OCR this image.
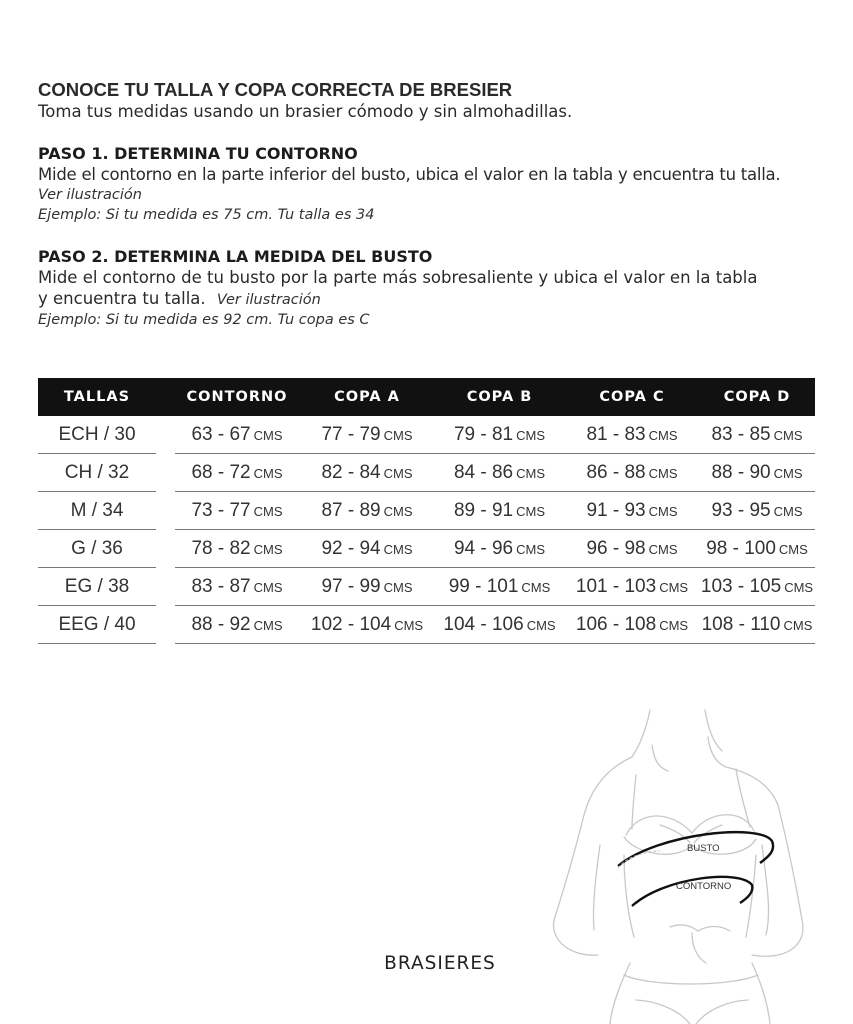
CONOCE TU TALLA Y COPA CORRECTA DE BRESIER

Toma tus medidas usando un brasier cómodo y sin almohadillas.

PASO 1. DETERMINA TU CONTORNO

Mide el contorno en la parte inferior del busto, ubica el valor en la tabla y encuentra tu talla.

Ver ilustración

Ejemplo: Si tu medida es 75 cm. Tu talla es 34

PASO 2. DETERMINA LA MEDIDA DEL BUSTO

Mide el contorno de tu busto por la parte más sobresaliente y ubica el valor en la tabla

y encuentra tu talla. Ver ilustración

Ejemplo: Si tu medida es 92 cm. Tu copa es C

TALLAS	CONTORNO	COPA A	COPA B	COPA C	COPA D
ECH / 30	63 - 67 CMS	77 - 79 CMS	79 - 81 CMS	81 - 83 CMS	83 - 85 CMS
CH / 32	68 - 72 CMS	82 - 84 CMS	84 - 86 CMS	86 - 88 CMS	88 - 90 CMS
M / 34	73 - 77 CMS	87 - 89 CMS	89 - 91 CMS	91 - 93 CMS	93 - 95 CMS
G / 36	78 - 82 CMS	92 - 94 CMS	94 - 96 CMS	96 - 98 CMS	98 - 100 CMS
EG / 38	83 - 87 CMS	97 - 99 CMS	99 - 101 CMS	101 - 103 CMS 103 - 105 CMS
EEG / 40	88 - 92 CMS	102 - 104 CMS	104 - 106 CMS	106 - 108 CMS 108 - 110 CMS
BUSTO
CONTORNO
BRASIERES
